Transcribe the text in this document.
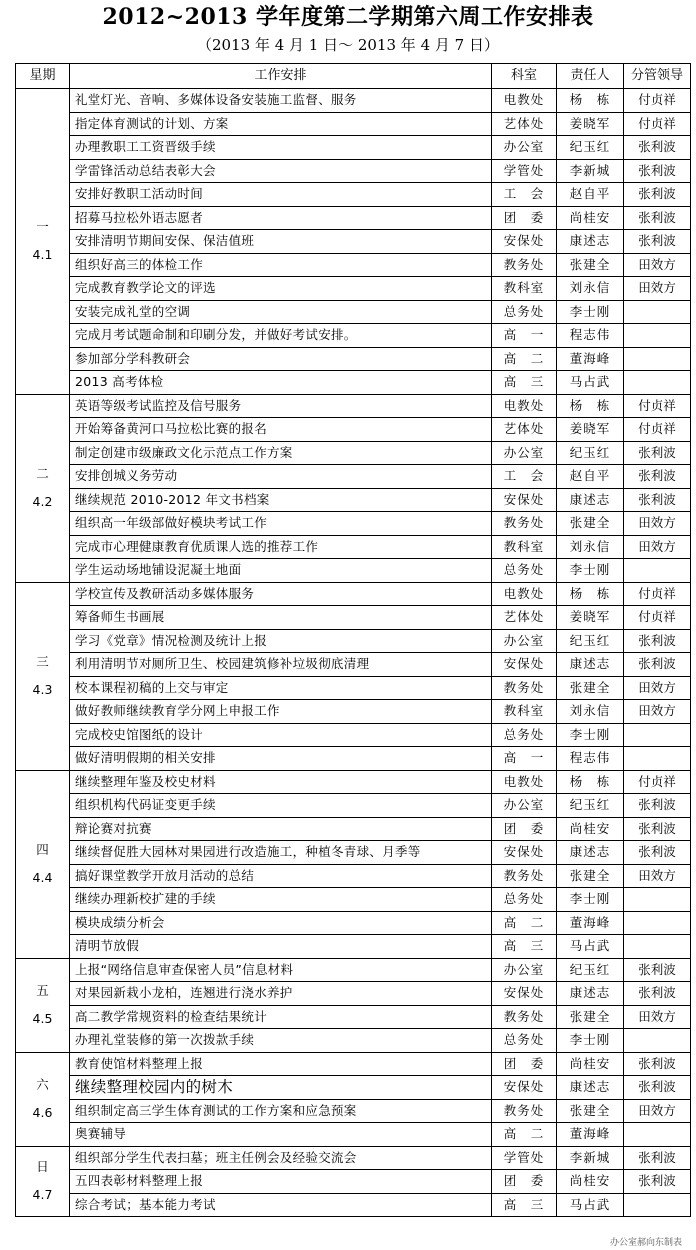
2012~2013 学年度第二学期第六周工作安排表
（2013 年 4 月 1 日～ 2013 年 4 月 7 日）
星期	工作安排	科室	责任人	分管领导

一
4.1	礼堂灯光、音响、多媒体设备安装施工监督、服务	电教处	杨　栋	付贞祥
	指定体育测试的计划、方案	艺体处	姜晓军	付贞祥
	办理教职工工资晋级手续	办公室	纪玉红	张利波
	学雷锋活动总结表彰大会	学管处	李新城	张利波
	安排好教职工活动时间	工　会	赵自平	张利波
	招募马拉松外语志愿者	团　委	尚桂安	张利波
	安排清明节期间安保、保洁值班	安保处	康述志	张利波
	组织好高三的体检工作	教务处	张建全	田效方
	完成教育教学论文的评选	教科室	刘永信	田效方
	安装完成礼堂的空调	总务处	李士刚	
	完成月考试题命制和印刷分发，并做好考试安排。	高　一	程志伟	
	参加部分学科教研会	高　二	董海峰	
	2013 高考体检	高　三	马占武	

二
4.2	英语等级考试监控及信号服务	电教处	杨　栋	付贞祥
	开始筹备黄河口马拉松比赛的报名	艺体处	姜晓军	付贞祥
	制定创建市级廉政文化示范点工作方案	办公室	纪玉红	张利波
	安排创城义务劳动	工　会	赵自平	张利波
	继续规范 2010-2012 年文书档案	安保处	康述志	张利波
	组织高一年级部做好模块考试工作	教务处	张建全	田效方
	完成市心理健康教育优质课人选的推荐工作	教科室	刘永信	田效方
	学生运动场地铺设泥凝土地面	总务处	李士刚	

三
4.3	学校宣传及教研活动多媒体服务	电教处	杨　栋	付贞祥
	筹备师生书画展	艺体处	姜晓军	付贞祥
	学习《党章》情况检测及统计上报	办公室	纪玉红	张利波
	利用清明节对厕所卫生、校园建筑修补垃圾彻底清理	安保处	康述志	张利波
	校本课程初稿的上交与审定	教务处	张建全	田效方
	做好教师继续教育学分网上申报工作	教科室	刘永信	田效方
	完成校史馆图纸的设计	总务处	李士刚	
	做好清明假期的相关安排	高　一	程志伟	

四
4.4	继续整理年鉴及校史材料	电教处	杨　栋	付贞祥
	组织机构代码证变更手续	办公室	纪玉红	张利波
	辩论赛对抗赛	团　委	尚桂安	张利波
	继续督促胜大园林对果园进行改造施工，种植冬青球、月季等	安保处	康述志	张利波
	搞好课堂教学开放月活动的总结	教务处	张建全	田效方
	继续办理新校扩建的手续	总务处	李士刚	
	模块成绩分析会	高　二	董海峰	
	清明节放假	高　三	马占武	

五
4.5	上报“网络信息审查保密人员”信息材料	办公室	纪玉红	张利波
	对果园新栽小龙柏，连翘进行浇水养护	安保处	康述志	张利波
	高二教学常规资料的检查结果统计	教务处	张建全	田效方
	办理礼堂装修的第一次拨款手续	总务处	李士刚	

六
4.6	教育使馆材料整理上报	团　委	尚桂安	张利波
	继续整理校园内的树木	安保处	康述志	张利波
	组织制定高三学生体育测试的工作方案和应急预案	教务处	张建全	田效方
	奥赛辅导	高　二	董海峰	

日
4.7	组织部分学生代表扫墓；班主任例会及经验交流会	学管处	李新城	张利波
	五四表彰材料整理上报	团　委	尚桂安	张利波
	综合考试；基本能力考试	高　三	马占武	
办公室郝向东制表
